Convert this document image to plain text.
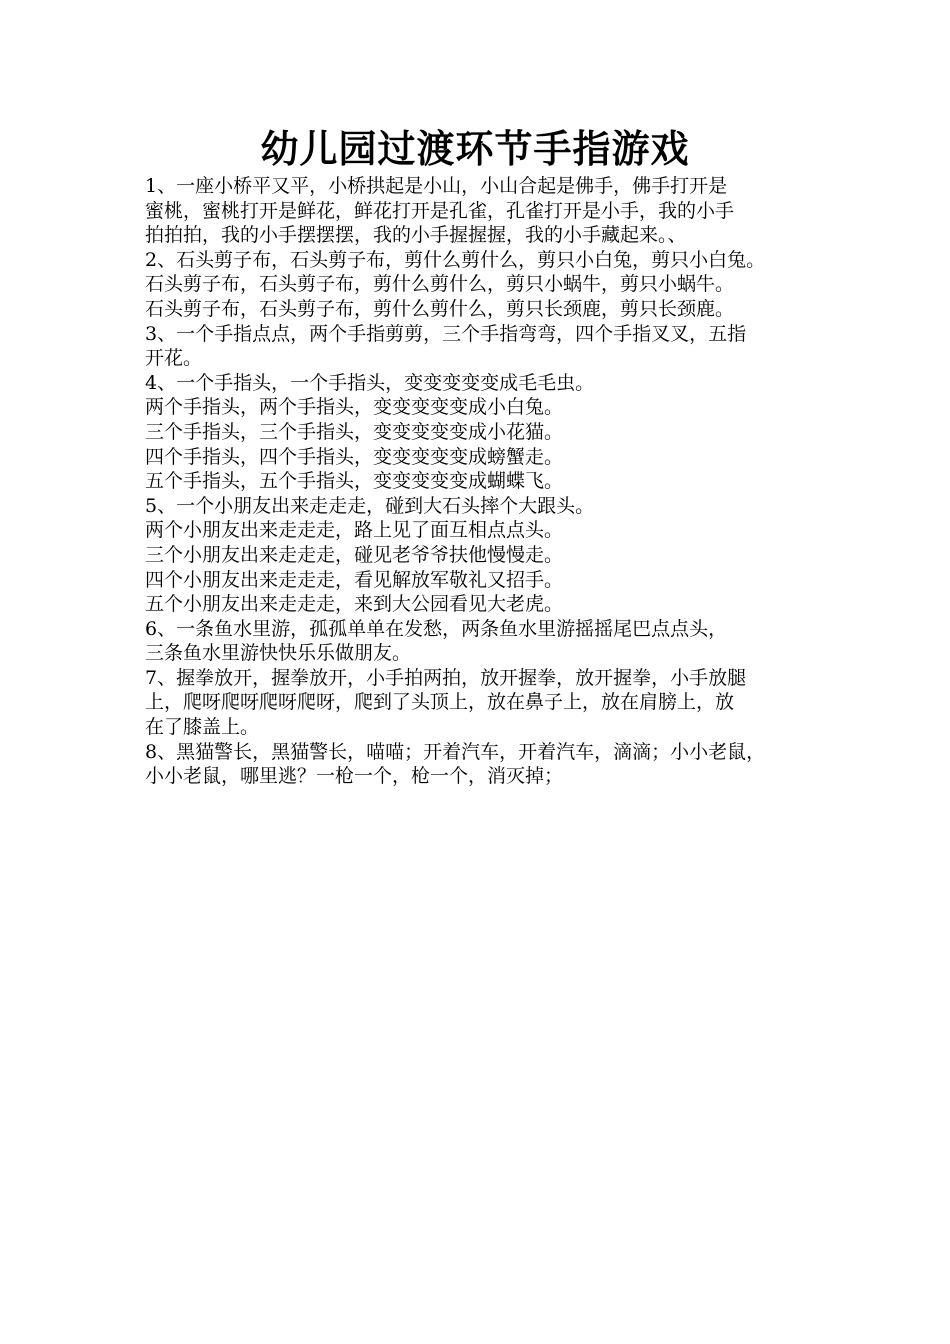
幼儿园过渡环节手指游戏
1、一座小桥平又平，小桥拱起是小山，小山合起是佛手，佛手打开是
蜜桃，蜜桃打开是鲜花，鲜花打开是孔雀，孔雀打开是小手，我的小手
拍拍拍，我的小手摆摆摆，我的小手握握握，我的小手藏起来。、
2、石头剪子布，石头剪子布，剪什么剪什么，剪只小白兔，剪只小白兔。
石头剪子布，石头剪子布，剪什么剪什么，剪只小蜗牛，剪只小蜗牛。
石头剪子布，石头剪子布，剪什么剪什么，剪只长颈鹿，剪只长颈鹿。
3、一个手指点点，两个手指剪剪，三个手指弯弯，四个手指叉叉，五指
开花。
4、一个手指头，一个手指头，变变变变变成毛毛虫。
两个手指头，两个手指头，变变变变变成小白兔。
三个手指头，三个手指头，变变变变变成小花猫。
四个手指头，四个手指头，变变变变变成螃蟹走。
五个手指头，五个手指头，变变变变变成蝴蝶飞。
5、一个小朋友出来走走走，碰到大石头摔个大跟头。
两个小朋友出来走走走，路上见了面互相点点头。
三个小朋友出来走走走，碰见老爷爷扶他慢慢走。
四个小朋友出来走走走，看见解放军敬礼又招手。
五个小朋友出来走走走，来到大公园看见大老虎。
6、一条鱼水里游，孤孤单单在发愁，两条鱼水里游摇摇尾巴点点头，
三条鱼水里游快快乐乐做朋友。
7、握拳放开，握拳放开，小手拍两拍，放开握拳，放开握拳，小手放腿
上，爬呀爬呀爬呀爬呀，爬到了头顶上，放在鼻子上，放在肩膀上，放
在了膝盖上。
8、黑猫警长，黑猫警长，喵喵；开着汽车，开着汽车，滴滴；小小老鼠，
小小老鼠，哪里逃？一枪一个，枪一个，消灭掉；
